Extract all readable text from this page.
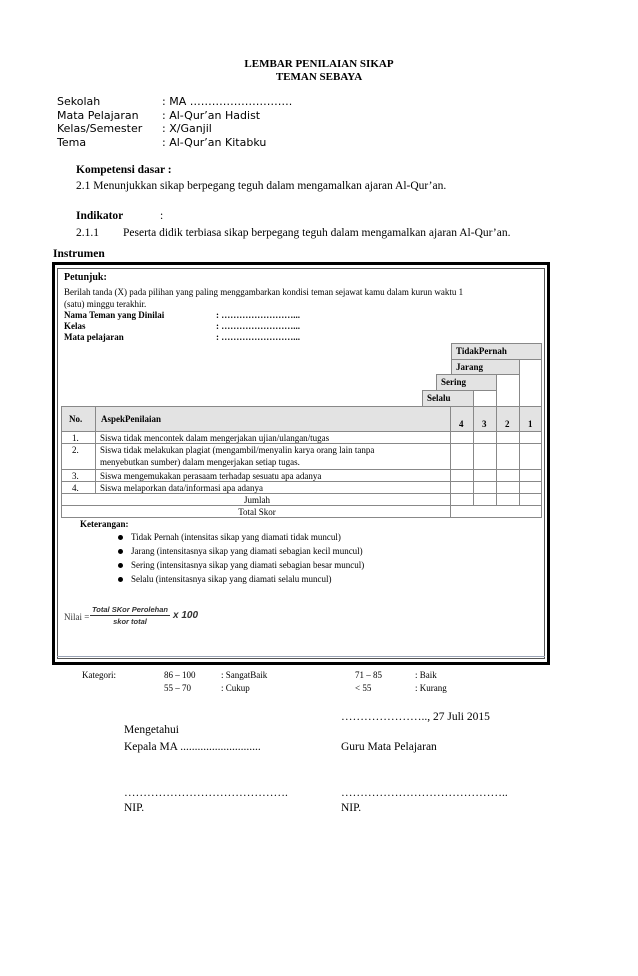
LEMBAR PENILAIAN SIKAP
TEMAN SEBAYA
Sekolah	: MA ……………………….
Mata Pelajaran : Al-Qur’an Hadist
Kelas/Semester : X/Ganjil
Tema	: Al-Qur’an Kitabku
Kompetensi dasar :
2.1 Menunjukkan sikap berpegang teguh dalam mengamalkan ajaran Al-Qur’an.
Indikator	:
2.1.1 Peserta didik terbiasa sikap berpegang teguh dalam mengamalkan ajaran Al-Qur’an.
Instrumen
Petunjuk:
Berilah tanda (X) pada pilihan yang paling menggambarkan kondisi teman sejawat kamu dalam kurun waktu 1
(satu) minggu terakhir.
Nama Teman yang Dinilai	: ……………………...
Kelas	: ……………………...
Mata pelajaran	: ……………………...
TidakPernah
Jarang
Sering
Selalu
No. AspekPenilaian	4 3 2 1
1. Siswa tidak mencontek dalam mengerjakan ujian/ulangan/tugas
2. Siswa tidak melakukan plagiat (mengambil/menyalin karya orang lain tanpa
menyebutkan sumber) dalam mengerjakan setiap tugas.
3. Siswa mengemukakan perasaam terhadap sesuatu apa adanya
4. Siswa melaporkan data/informasi apa adanya
Jumlah
Total Skor
Keterangan:
Tidak Pernah (intensitas sikap yang diamati tidak muncul)
Jarang (intensitasnya sikap yang diamati sebagian kecil muncul)
Sering (intensitasnya sikap yang diamati sebagian besar muncul)
Selalu (intensitasnya sikap yang diamati selalu muncul)
Nilai =
Total SKor Perolehan
skor total
x 100
Kategori:	86 – 100	: SangatBaik	71 – 85	: Baik
55 – 70	: Cukup	< 55	: Kurang
………………….., 27 Juli 2015
Mengetahui
Kepala MA ............................	Guru Mata Pelajaran
…………………………………….	……………………………………..
NIP.	NIP.
